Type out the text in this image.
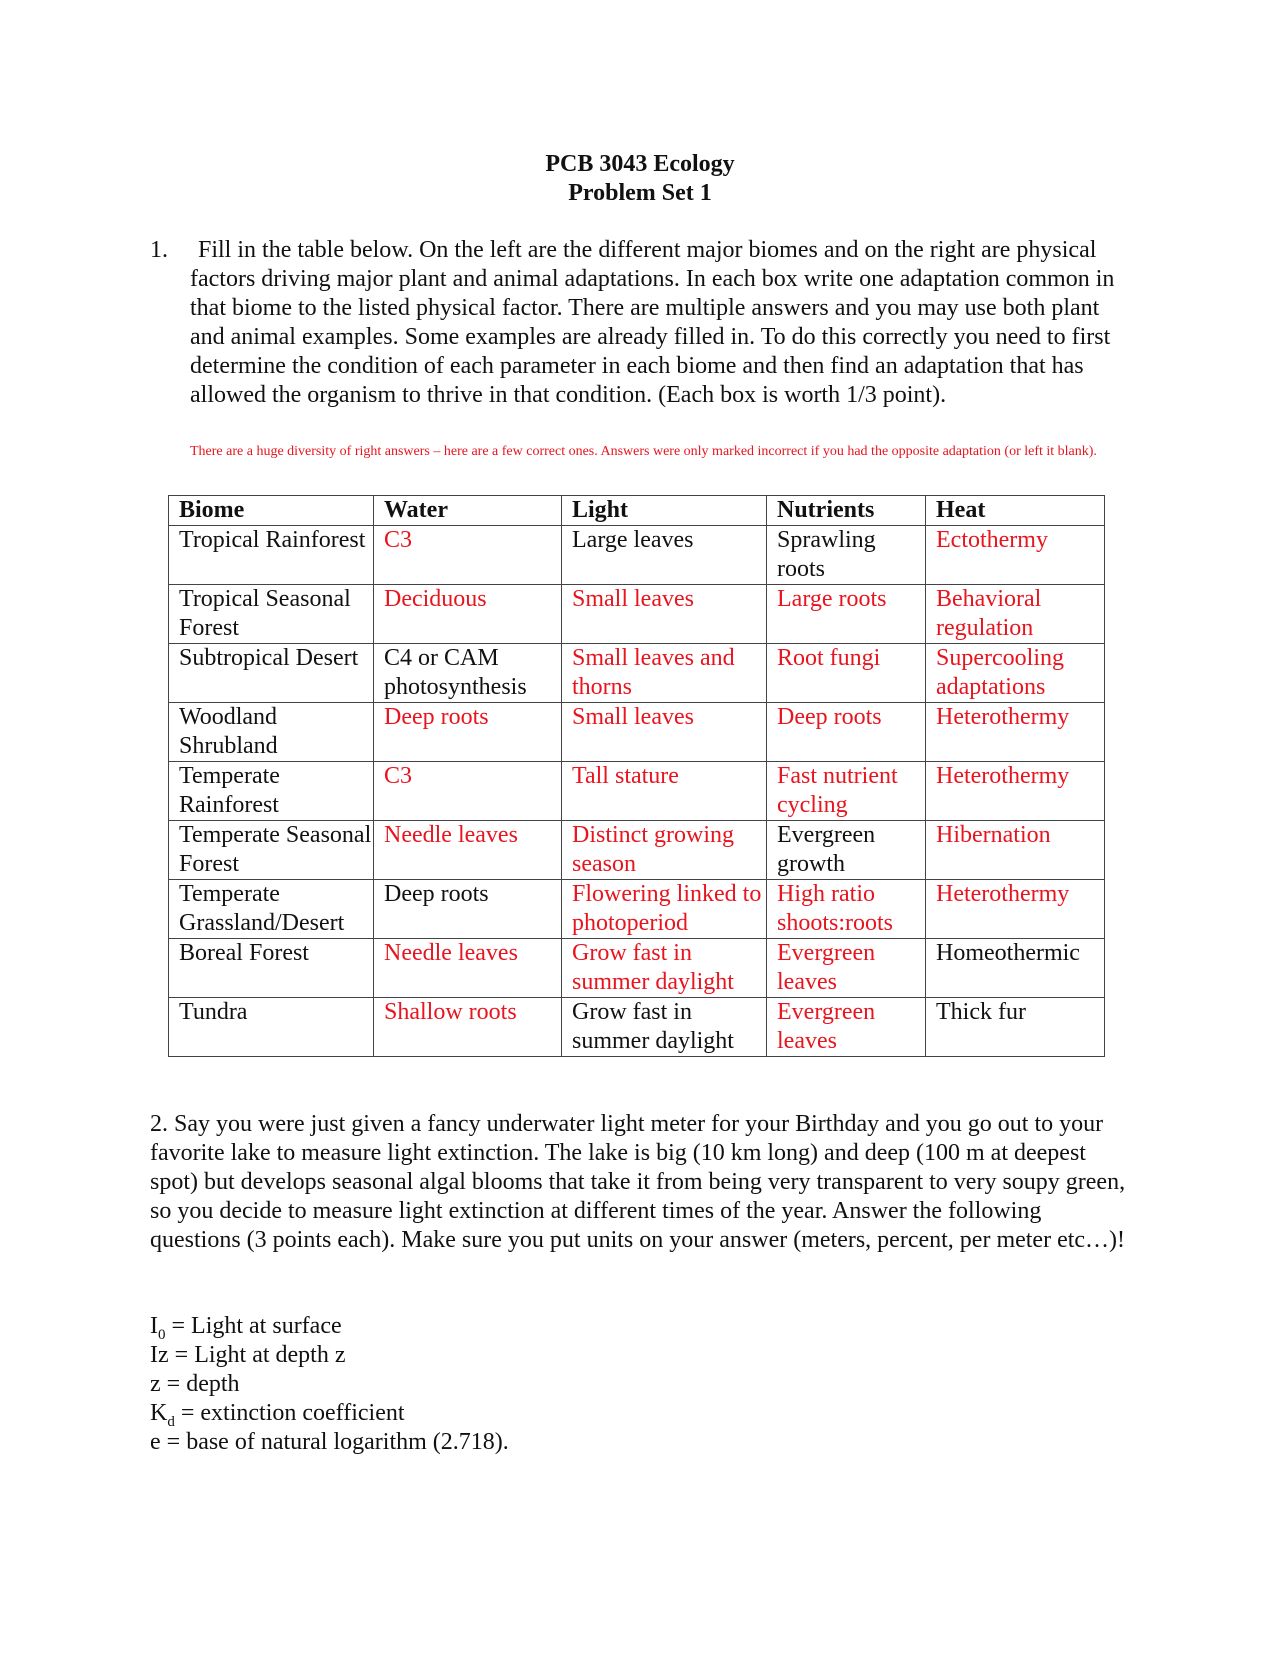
PCB 3043 Ecology
Problem Set 1
1.	Fill in the table below. On the left are the different major biomes and on the right are physical factors driving major plant and animal adaptations. In each box write one adaptation common in that biome to the listed physical factor. There are multiple answers and you may use both plant and animal examples. Some examples are already filled in. To do this correctly you need to first determine the condition of each parameter in each biome and then find an adaptation that has allowed the organism to thrive in that condition. (Each box is worth 1/3 point).
There are a huge diversity of right answers – here are a few correct ones. Answers were only marked incorrect if you had the opposite adaptation (or left it blank).
Biome	Water	Light	Nutrients	Heat
Tropical Rainforest	C3	Large leaves	Sprawling roots	Ectothermy
Tropical Seasonal Forest	Deciduous	Small leaves	Large roots	Behavioral regulation
Subtropical Desert	C4 or CAM photosynthesis	Small leaves and thorns	Root fungi	Supercooling adaptations
Woodland Shrubland	Deep roots	Small leaves	Deep roots	Heterothermy
Temperate Rainforest	C3	Tall stature	Fast nutrient cycling	Heterothermy
Temperate Seasonal Forest	Needle leaves	Distinct growing season	Evergreen growth	Hibernation
Temperate Grassland/Desert	Deep roots	Flowering linked to photoperiod	High ratio shoots:roots	Heterothermy
Boreal Forest	Needle leaves	Grow fast in summer daylight	Evergreen leaves	Homeothermic
Tundra	Shallow roots	Grow fast in summer daylight	Evergreen leaves	Thick fur
2. Say you were just given a fancy underwater light meter for your Birthday and you go out to your favorite lake to measure light extinction. The lake is big (10 km long) and deep (100 m at deepest spot) but develops seasonal algal blooms that take it from being very transparent to very soupy green, so you decide to measure light extinction at different times of the year. Answer the following questions (3 points each). Make sure you put units on your answer (meters, percent, per meter etc…)!
$I_0$ = Light at surface
Iz = Light at depth z
z = depth
$K_d$ = extinction coefficient
e = base of natural logarithm (2.718).
